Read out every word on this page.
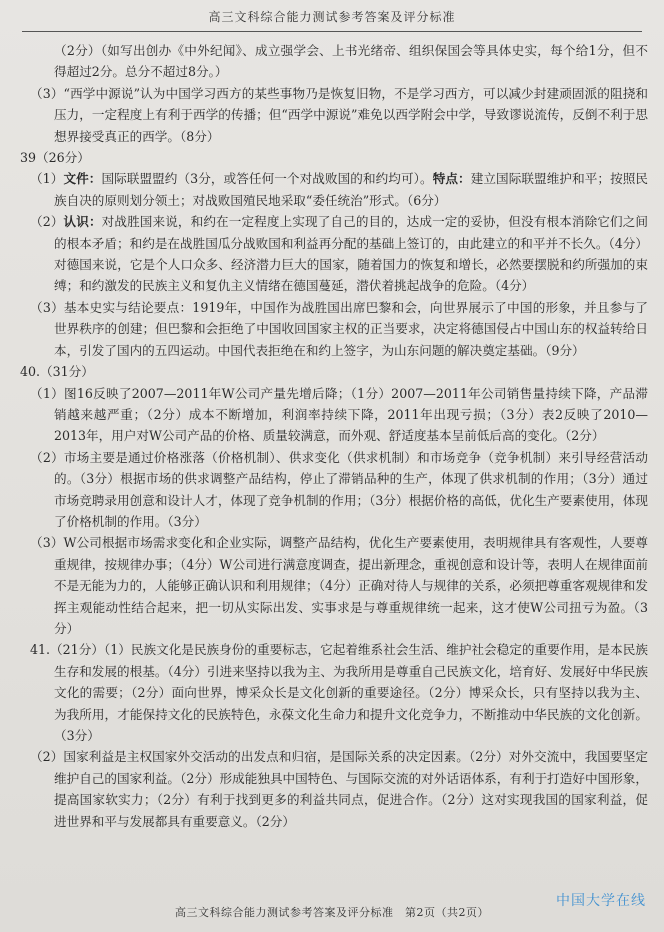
高三文科综合能力测试参考答案及评分标准

（2分）（如写出创办《中外纪闻》、成立强学会、上书光绪帝、组织保国会等具体史实，每个给1分，但不得超过2分。总分不超过8分。）

（3）“西学中源说”认为中国学习西方的某些事物乃是恢复旧物，不是学习西方，可以减少封建顽固派的阻挠和压力，一定程度上有利于西学的传播；但“西学中源说”难免以西学附会中学，导致谬说流传，反倒不利于思想界接受真正的西学。（8分）

39（26分）

（1）文件：国际联盟盟约（3分，或答任何一个对战败国的和约均可）。特点：建立国际联盟维护和平；按照民族自决的原则划分领土；对战败国殖民地采取“委任统治”形式。（6分）

（2）认识：对战胜国来说，和约在一定程度上实现了自己的目的，达成一定的妥协，但没有根本消除它们之间的根本矛盾；和约是在战胜国瓜分战败国和利益再分配的基础上签订的，由此建立的和平并不长久。（4分）对德国来说，它是个人口众多、经济潜力巨大的国家，随着国力的恢复和增长，必然要摆脱和约所强加的束缚；和约激发的民族主义和复仇主义情绪在德国蔓延，潜伏着挑起战争的危险。（4分）

（3）基本史实与结论要点：1919年，中国作为战胜国出席巴黎和会，向世界展示了中国的形象，并且参与了世界秩序的创建；但巴黎和会拒绝了中国收回国家主权的正当要求，决定将德国侵占中国山东的权益转给日本，引发了国内的五四运动。中国代表拒绝在和约上签字，为山东问题的解决奠定基础。（9分）

40.（31分）

（1）图16反映了2007—2011年W公司产量先增后降；（1分）2007—2011年公司销售量持续下降，产品滞销越来越严重；（2分）成本不断增加，利润率持续下降，2011年出现亏损；（3分）表2反映了2010—2013年，用户对W公司产品的价格、质量较满意，而外观、舒适度基本呈前低后高的变化。（2分）

（2）市场主要是通过价格涨落（价格机制）、供求变化（供求机制）和市场竞争（竞争机制）来引导经营活动的。（3分）根据市场的供求调整产品结构，停止了滞销品种的生产，体现了供求机制的作用；（3分）通过市场竞聘录用创意和设计人才，体现了竞争机制的作用；（3分）根据价格的高低，优化生产要素使用，体现了价格机制的作用。（3分）

（3）W公司根据市场需求变化和企业实际，调整产品结构，优化生产要素使用，表明规律具有客观性，人要尊重规律，按规律办事；（4分）W公司进行满意度调查，提出新理念，重视创意和设计等，表明人在规律面前不是无能为力的，人能够正确认识和利用规律；（4分）正确对待人与规律的关系，必须把尊重客观规律和发挥主观能动性结合起来，把一切从实际出发、实事求是与尊重规律统一起来，这才使W公司扭亏为盈。（3分）

41.（21分）（1）民族文化是民族身份的重要标志，它起着维系社会生活、维护社会稳定的重要作用，是本民族生存和发展的根基。（4分）引进来坚持以我为主、为我所用是尊重自己民族文化，培育好、发展好中华民族文化的需要；（2分）面向世界，博采众长是文化创新的重要途径。（2分）博采众长，只有坚持以我为主、为我所用，才能保持文化的民族特色，永葆文化生命力和提升文化竞争力，不断推动中华民族的文化创新。（3分）

（2）国家利益是主权国家外交活动的出发点和归宿，是国际关系的决定因素。（2分）对外交流中，我国要坚定维护自己的国家利益。（2分）形成能独具中国特色、与国际交流的对外话语体系，有利于打造好中国形象，提高国家软实力；（2分）有利于找到更多的利益共同点，促进合作。（2分）这对实现我国的国家利益，促进世界和平与发展都具有重要意义。（2分）

高三文科综合能力测试参考答案及评分标准　第2页（共2页）
中国大学在线
